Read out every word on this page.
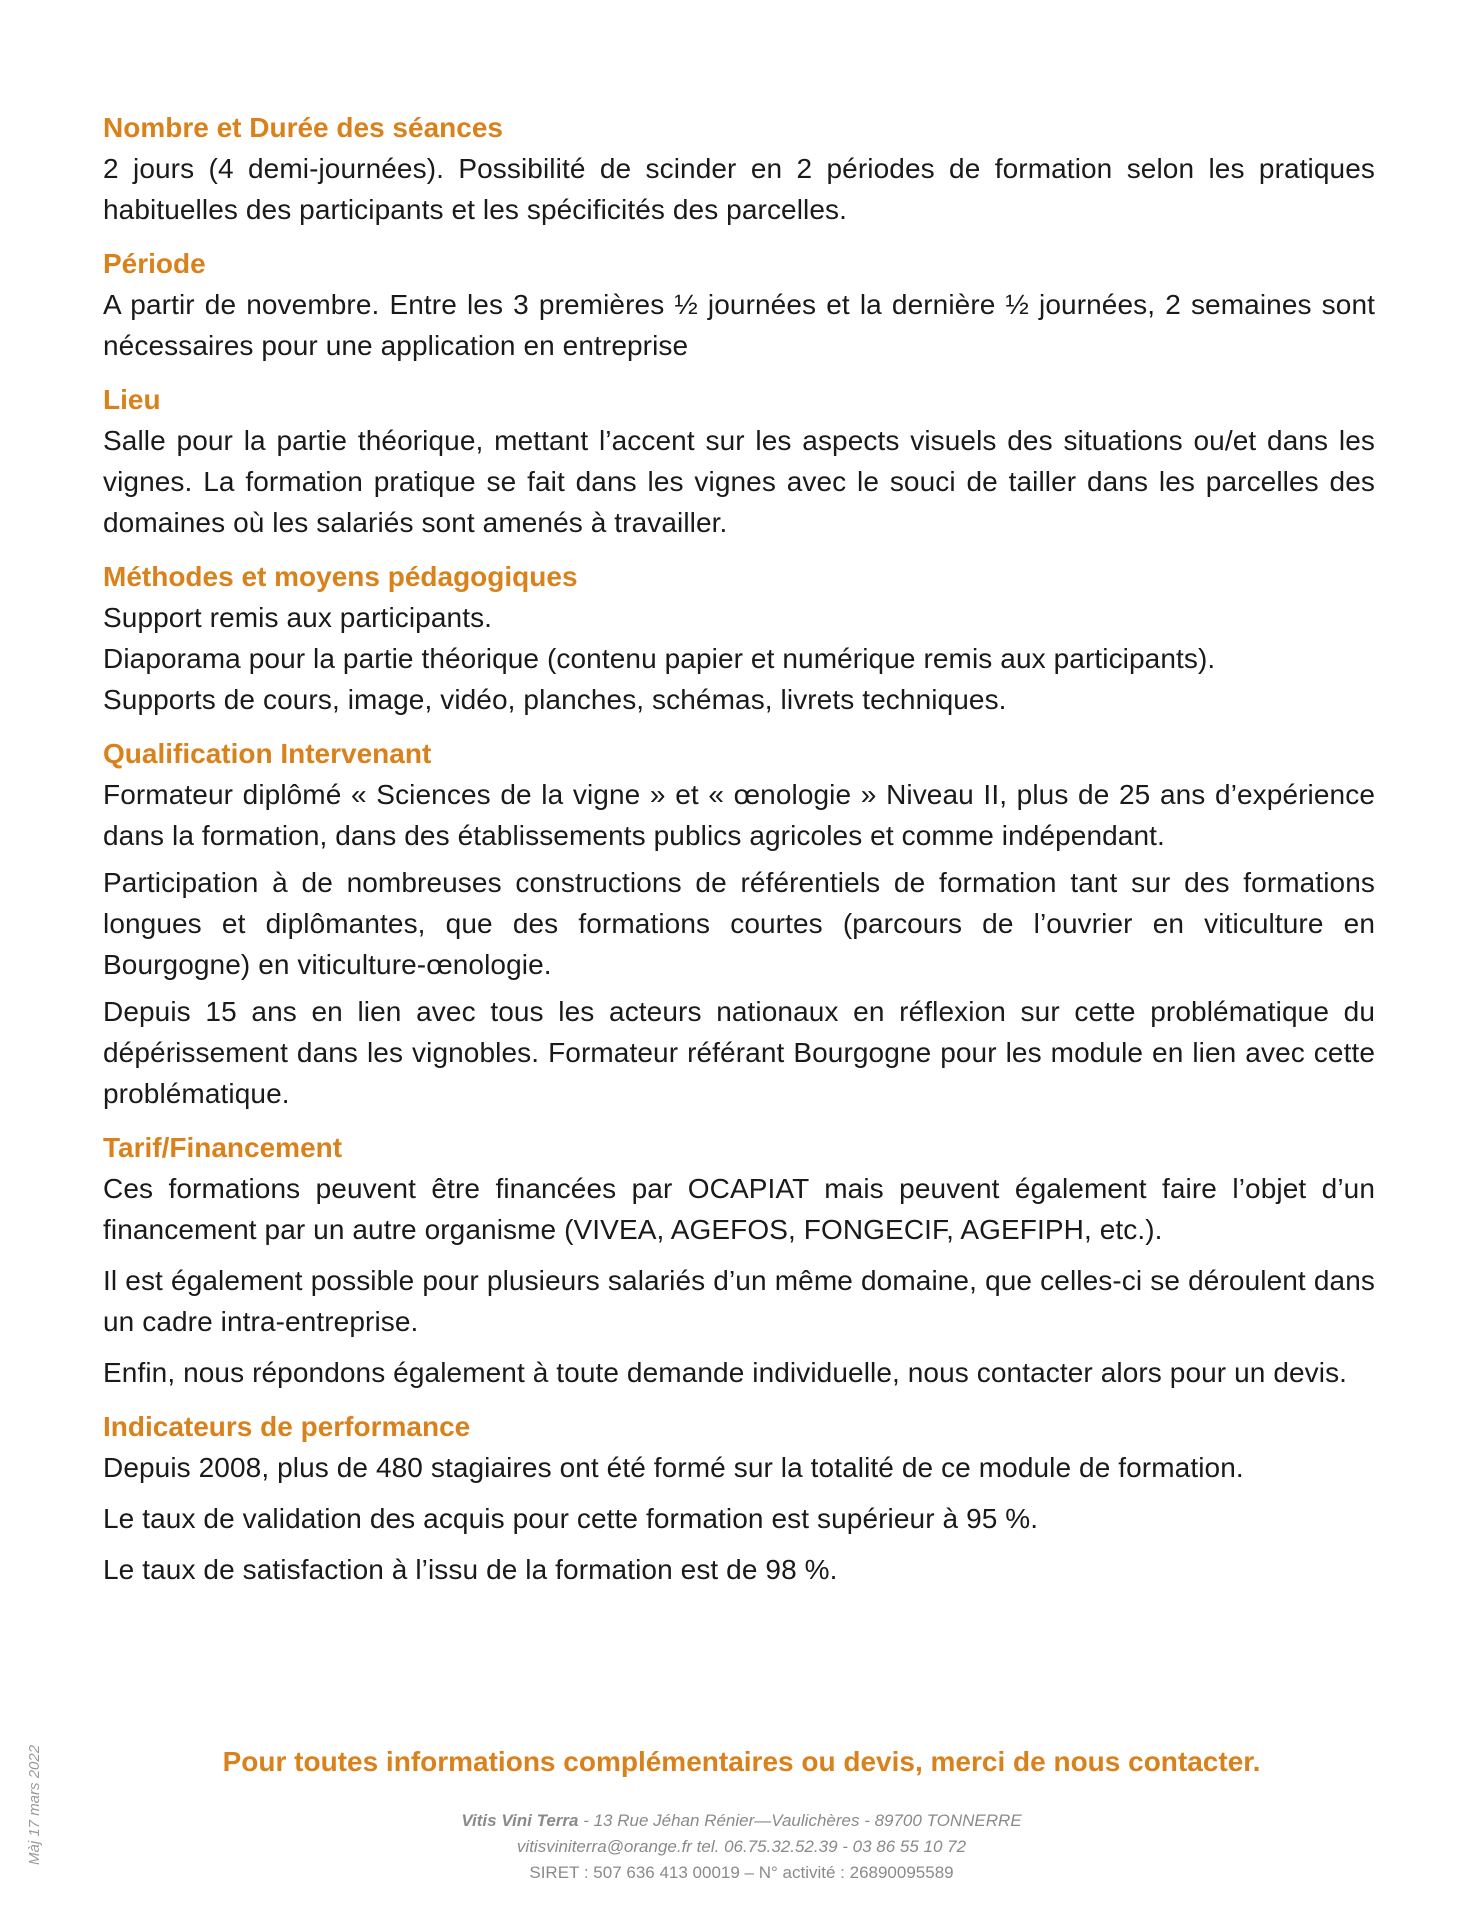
Nombre et Durée des séances

2 jours (4 demi-journées). Possibilité de scinder en 2 périodes de formation selon les pratiques habituelles des participants et les spécificités des parcelles.

Période

A partir de novembre. Entre les 3 premières ½ journées et la dernière ½ journées, 2 semaines sont nécessaires pour une application en entreprise

Lieu

Salle pour la partie théorique, mettant l’accent sur les aspects visuels des situations ou/et dans les vignes. La formation pratique se fait dans les vignes avec le souci de tailler dans les parcelles des domaines où les salariés sont amenés à travailler.

Méthodes et moyens pédagogiques

Support remis aux participants.

Diaporama pour la partie théorique (contenu papier et numérique remis aux participants).

Supports de cours, image, vidéo, planches, schémas, livrets techniques.

Qualification Intervenant

Formateur diplômé « Sciences de la vigne » et « œnologie » Niveau II, plus de 25 ans d’expérience dans la formation, dans des établissements publics agricoles et comme indépendant.

Participation à de nombreuses constructions de référentiels de formation tant sur des formations longues et diplômantes, que des formations courtes (parcours de l’ouvrier en viticulture en Bourgogne) en viticulture-œnologie.

Depuis 15 ans en lien avec tous les acteurs nationaux en réflexion sur cette problématique du dépérissement dans les vignobles. Formateur référant Bourgogne pour les module en lien avec cette problématique.

Tarif/Financement

Ces formations peuvent être financées par OCAPIAT mais peuvent également faire l’objet d’un financement par un autre organisme (VIVEA, AGEFOS, FONGECIF, AGEFIPH, etc.).

Il est également possible pour plusieurs salariés d’un même domaine, que celles-ci se déroulent dans un cadre intra-entreprise.

Enfin, nous répondons également à toute demande individuelle, nous contacter alors pour un devis.

Indicateurs de performance

Depuis 2008, plus de 480 stagiaires ont été formé sur la totalité de ce module de formation.

Le taux de validation des acquis pour cette formation est supérieur à 95 %.

Le taux de satisfaction à l’issu de la formation est de 98 %.

Pour toutes informations complémentaires ou devis, merci de nous contacter.
Vitis Vini Terra - 13 Rue Jéhan Rénier—Vaulichères - 89700 TONNERRE
vitisviniterra@orange.fr tel. 06.75.32.52.39 - 03 86 55 10 72
SIRET : 507 636 413 00019 – N° activité : 26890095589
Màj 17 mars 2022
